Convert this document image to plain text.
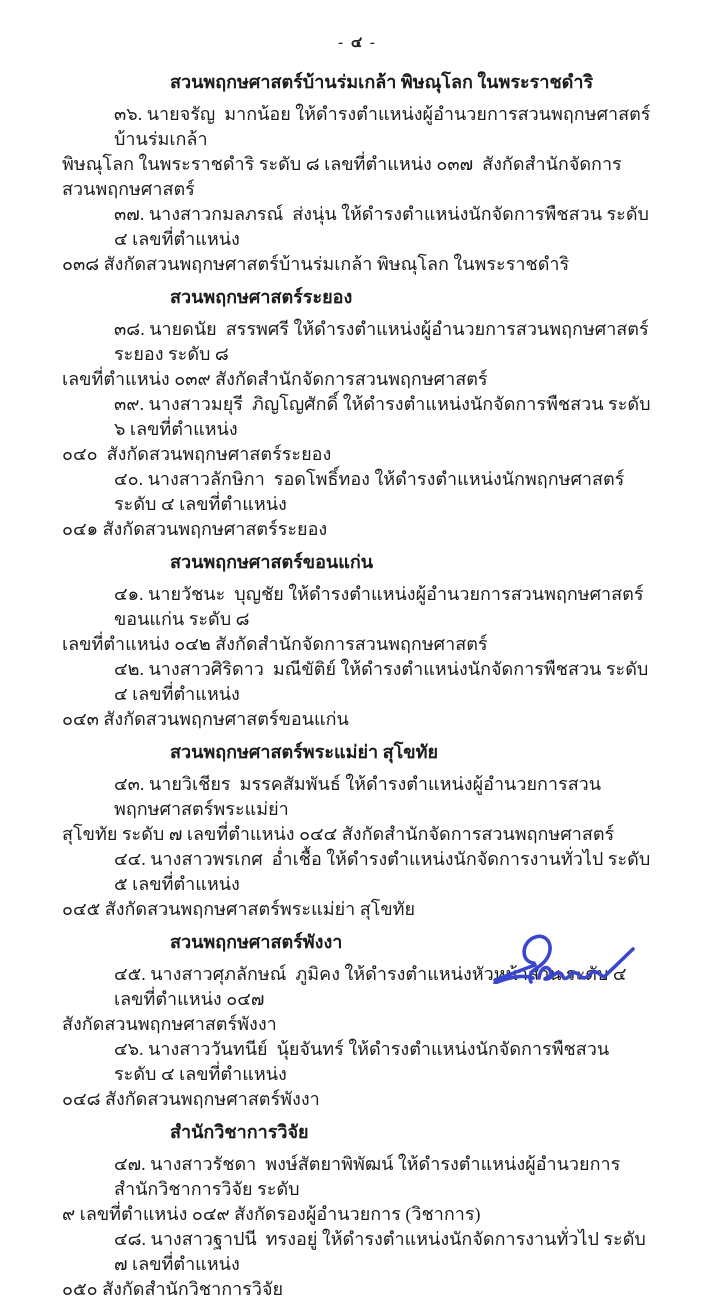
- ๔ -
สวนพฤกษศาสตร์บ้านร่มเกล้า พิษณุโลก ในพระราชดำริ

๓๖. นายจรัญ  มากน้อย ให้ดำรงตำแหน่งผู้อำนวยการสวนพฤกษศาสตร์บ้านร่มเกล้า

พิษณุโลก ในพระราชดำริ ระดับ ๘ เลขที่ตำแหน่ง ๐๓๗  สังกัดสำนักจัดการสวนพฤกษศาสตร์

๓๗. นางสาวกมลภรณ์  ส่งนุ่น ให้ดำรงตำแหน่งนักจัดการพืชสวน ระดับ ๔ เลขที่ตำแหน่ง

๐๓๘ สังกัดสวนพฤกษศาสตร์บ้านร่มเกล้า พิษณุโลก ในพระราชดำริ

สวนพฤกษศาสตร์ระยอง

๓๘. นายดนัย  สรรพศรี ให้ดำรงตำแหน่งผู้อำนวยการสวนพฤกษศาสตร์ระยอง ระดับ ๘

เลขที่ตำแหน่ง ๐๓๙ สังกัดสำนักจัดการสวนพฤกษศาสตร์

๓๙. นางสาวมยุรี  ภิญโญศักดิ์ ให้ดำรงตำแหน่งนักจัดการพืชสวน ระดับ ๖ เลขที่ตำแหน่ง

๐๔๐  สังกัดสวนพฤกษศาสตร์ระยอง

๔๐. นางสาวลักษิกา  รอดโพธิ์ทอง ให้ดำรงตำแหน่งนักพฤกษศาสตร์ ระดับ ๔ เลขที่ตำแหน่ง

๐๔๑ สังกัดสวนพฤกษศาสตร์ระยอง

สวนพฤกษศาสตร์ขอนแก่น

๔๑. นายวัชนะ  บุญชัย ให้ดำรงตำแหน่งผู้อำนวยการสวนพฤกษศาสตร์ขอนแก่น ระดับ ๘

เลขที่ตำแหน่ง ๐๔๒ สังกัดสำนักจัดการสวนพฤกษศาสตร์

๔๒. นางสาวศิริดาว  มณีขัติย์ ให้ดำรงตำแหน่งนักจัดการพืชสวน ระดับ ๔ เลขที่ตำแหน่ง

๐๔๓ สังกัดสวนพฤกษศาสตร์ขอนแก่น

สวนพฤกษศาสตร์พระแม่ย่า สุโขทัย

๔๓. นายวิเชียร  มรรคสัมพันธ์ ให้ดำรงตำแหน่งผู้อำนวยการสวนพฤกษศาสตร์พระแม่ย่า

สุโขทัย ระดับ ๗ เลขที่ตำแหน่ง ๐๔๔ สังกัดสำนักจัดการสวนพฤกษศาสตร์

๔๔. นางสาวพรเกศ  อ่ำเชื้อ ให้ดำรงตำแหน่งนักจัดการงานทั่วไป ระดับ ๕ เลขที่ตำแหน่ง

๐๔๕ สังกัดสวนพฤกษศาสตร์พระแม่ย่า สุโขทัย

สวนพฤกษศาสตร์พังงา

๔๕. นางสาวศุภลักษณ์  ภูมิคง ให้ดำรงตำแหน่งหัวหน้าสวน ระดับ ๔ เลขที่ตำแหน่ง ๐๔๗

สังกัดสวนพฤกษศาสตร์พังงา

๔๖. นางสาววันทนีย์  นุ้ยจันทร์ ให้ดำรงตำแหน่งนักจัดการพืชสวน ระดับ ๔ เลขที่ตำแหน่ง

๐๔๘ สังกัดสวนพฤกษศาสตร์พังงา

สำนักวิชาการวิจัย

๔๗. นางสาวรัชดา  พงษ์สัตยาพิพัฒน์ ให้ดำรงตำแหน่งผู้อำนวยการสำนักวิชาการวิจัย ระดับ

๙ เลขที่ตำแหน่ง ๐๔๙ สังกัดรองผู้อำนวยการ (วิชาการ)

๔๘. นางสาวฐาปนี  ทรงอยู่ ให้ดำรงตำแหน่งนักจัดการงานทั่วไป ระดับ ๗ เลขที่ตำแหน่ง

๐๕๐ สังกัดสำนักวิชาการวิจัย
